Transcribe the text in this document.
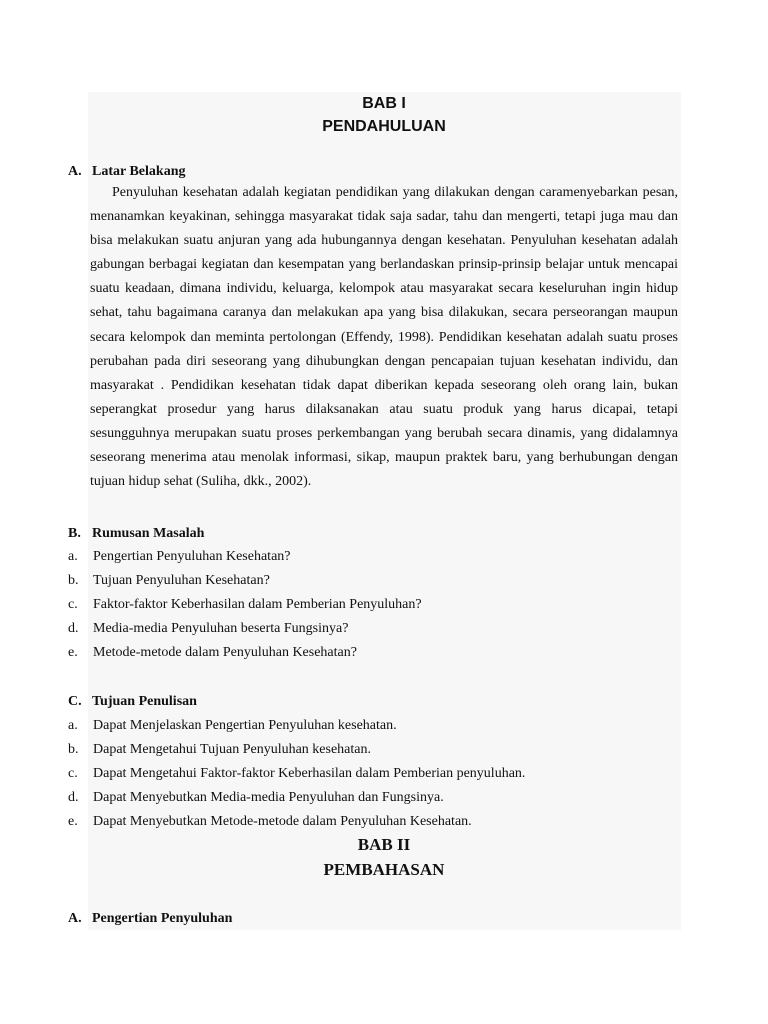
BAB I
PENDAHULUAN
A. Latar Belakang

Penyuluhan kesehatan adalah kegiatan pendidikan yang dilakukan dengan caramenyebarkan pesan, menanamkan keyakinan, sehingga masyarakat tidak saja sadar, tahu dan mengerti, tetapi juga mau dan bisa melakukan suatu anjuran yang ada hubungannya dengan kesehatan. Penyuluhan kesehatan adalah gabungan berbagai kegiatan dan kesempatan yang berlandaskan prinsip-prinsip belajar untuk mencapai suatu keadaan, dimana individu, keluarga, kelompok atau masyarakat secara keseluruhan ingin hidup sehat, tahu bagaimana caranya dan melakukan apa yang bisa dilakukan, secara perseorangan maupun secara kelompok dan meminta pertolongan (Effendy, 1998). Pendidikan kesehatan adalah suatu proses perubahan pada diri seseorang yang dihubungkan dengan pencapaian tujuan kesehatan individu, dan masyarakat . Pendidikan kesehatan tidak dapat diberikan kepada seseorang oleh orang lain, bukan seperangkat prosedur yang harus dilaksanakan atau suatu produk yang harus dicapai, tetapi sesungguhnya merupakan suatu proses perkembangan yang berubah secara dinamis, yang didalamnya seseorang menerima atau menolak informasi, sikap, maupun praktek baru, yang berhubungan dengan tujuan hidup sehat (Suliha, dkk., 2002).

B. Rumusan Masalah
a. Pengertian Penyuluhan Kesehatan?
b. Tujuan Penyuluhan Kesehatan?
c. Faktor-faktor Keberhasilan dalam Pemberian Penyuluhan?
d. Media-media Penyuluhan beserta Fungsinya?
e. Metode-metode dalam Penyuluhan Kesehatan?
C. Tujuan Penulisan
a. Dapat Menjelaskan Pengertian Penyuluhan kesehatan.
b. Dapat Mengetahui Tujuan Penyuluhan kesehatan.
c. Dapat Mengetahui Faktor-faktor Keberhasilan dalam Pemberian penyuluhan.
d. Dapat Menyebutkan Media-media Penyuluhan dan Fungsinya.
e. Dapat Menyebutkan Metode-metode dalam Penyuluhan Kesehatan.
BAB II
PEMBAHASAN
A. Pengertian Penyuluhan
